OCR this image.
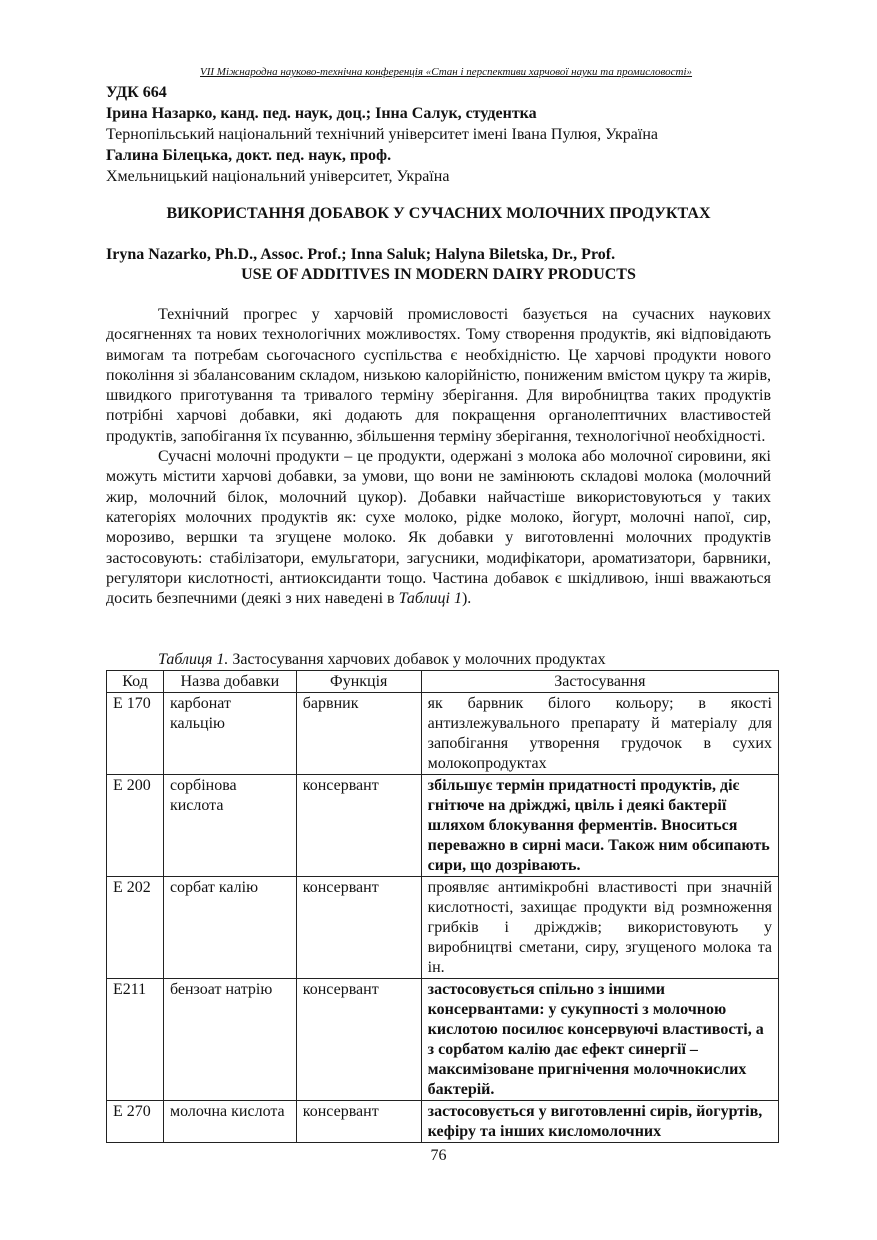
VII Міжнародна науково-технічна конференція «Стан і перспективи харчової науки та промисловості»
УДК 664
Ірина Назарко, канд. пед. наук, доц.; Інна Салук, студентка
Тернопільський національний технічний університет імені Івана Пулюя, Україна
Галина Білецька, докт. пед. наук, проф.
Хмельницький національний університет, Україна
ВИКОРИСТАННЯ ДОБАВОК У СУЧАСНИХ МОЛОЧНИХ ПРОДУКТАХ
Iryna Nazarko, Ph.D., Assoc. Prof.; Inna Saluk; Halyna Biletska, Dr., Prof.
USE OF ADDITIVES IN MODERN DAIRY PRODUCTS

Технічний прогрес у харчовій промисловості базується на сучасних наукових досягненнях та нових технологічних можливостях. Тому створення продуктів, які відповідають вимогам та потребам сьогочасного суспільства є необхідністю. Це харчові продукти нового покоління зі збалансованим складом, низькою калорійністю, пониженим вмістом цукру та жирів, швидкого приготування та тривалого терміну зберігання. Для виробництва таких продуктів потрібні харчові добавки, які додають для покращення органолептичних властивостей продуктів, запобігання їх псуванню, збільшення терміну зберігання, технологічної необхідності.

Сучасні молочні продукти – це продукти, одержані з молока або молочної сировини, які можуть містити харчові добавки, за умови, що вони не замінюють складові молока (молочний жир, молочний білок, молочний цукор). Добавки найчастіше використовуються у таких категоріях молочних продуктів як: сухе молоко, рідке молоко, йогурт, молочні напої, сир, морозиво, вершки та згущене молоко. Як добавки у виготовленні молочних продуктів застосовують: стабілізатори, емульгатори, загусники, модифікатори, ароматизатори, барвники, регулятори кислотності, антиоксиданти тощо. Частина добавок є шкідливою, інші вважаються досить безпечними (деякі з них наведені в Таблиці 1).

Таблиця 1. Застосування харчових добавок у молочних продуктах
Код	Назва добавки	Функція	Застосування
Е 170	карбонат кальцію	барвник	як барвник білого кольору; в якості антизлежувального препарату й матеріалу для запобігання утворення грудочок в сухих молокопродуктах
Е 200	сорбінова кислота	консервант	збільшує термін придатності продуктів, діє гнітюче на дріжджі, цвіль і деякі бактерії шляхом блокування ферментів. Вноситься переважно в сирні маси. Також ним обсипають сири, що дозрівають.
Е 202	сорбат калію	консервант	проявляє антимікробні властивості при значній кислотності, захищає продукти від розмноження грибків і дріжджів; використовують у виробництві сметани, сиру, згущеного молока та ін.
Е211	бензоат натрію	консервант	застосовується спільно з іншими консервантами: у сукупності з молочною кислотою посилює консервуючі властивості, а з сорбатом калію дає ефект синергії – максимізоване пригнічення молочнокислих бактерій.
Е 270	молочна кислота	консервант	застосовується у виготовленні сирів, йогуртів, кефіру та інших кисломолочних
76
